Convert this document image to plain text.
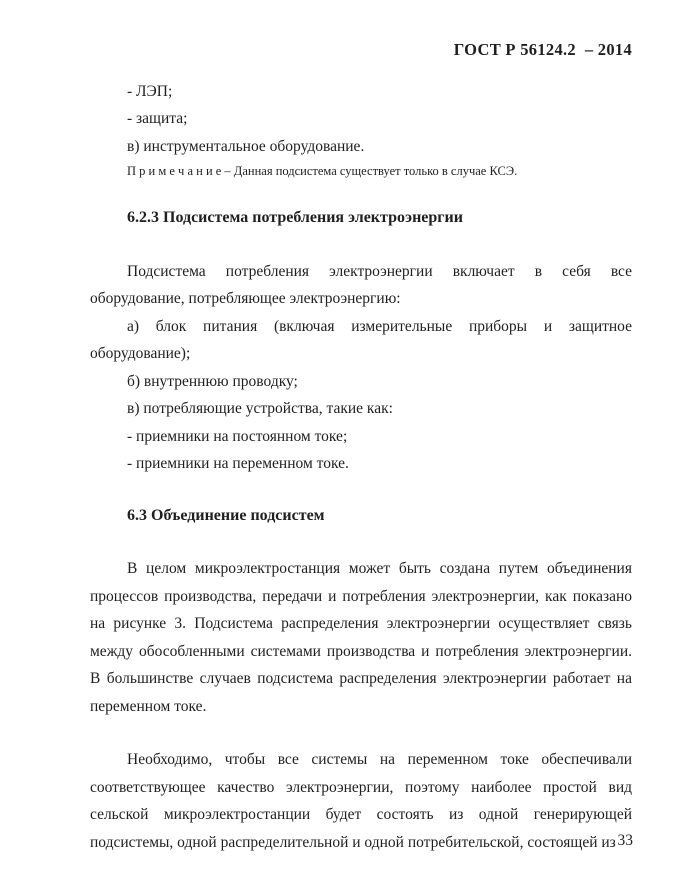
ГОСТ Р 56124.2  – 2014

- ЛЭП;

- защита;

в) инструментальное оборудование.

П р и м е ч а н и е – Данная подсистема существует только в случае КСЭ.

6.2.3 Подсистема потребления электроэнергии

Подсистема потребления электроэнергии включает в себя все оборудование, потребляющее электроэнергию:

а) блок питания (включая измерительные приборы и защитное оборудование);

б) внутреннюю проводку;

в) потребляющие устройства, такие как:

- приемники на постоянном токе;

- приемники на переменном токе.

6.3 Объединение подсистем

В целом микроэлектростанция может быть создана путем объединения процессов производства, передачи и потребления электроэнергии, как показано на рисунке 3. Подсистема распределения электроэнергии осуществляет связь между обособленными системами производства и потребления электроэнергии. В большинстве случаев подсистема распределения электроэнергии работает на переменном токе.

Необходимо, чтобы все системы на переменном токе обеспечивали соответствующее качество электроэнергии, поэтому наиболее простой вид сельской микроэлектростанции будет состоять из одной генерирующей подсистемы, одной распределительной и одной потребительской, состоящей из 33
